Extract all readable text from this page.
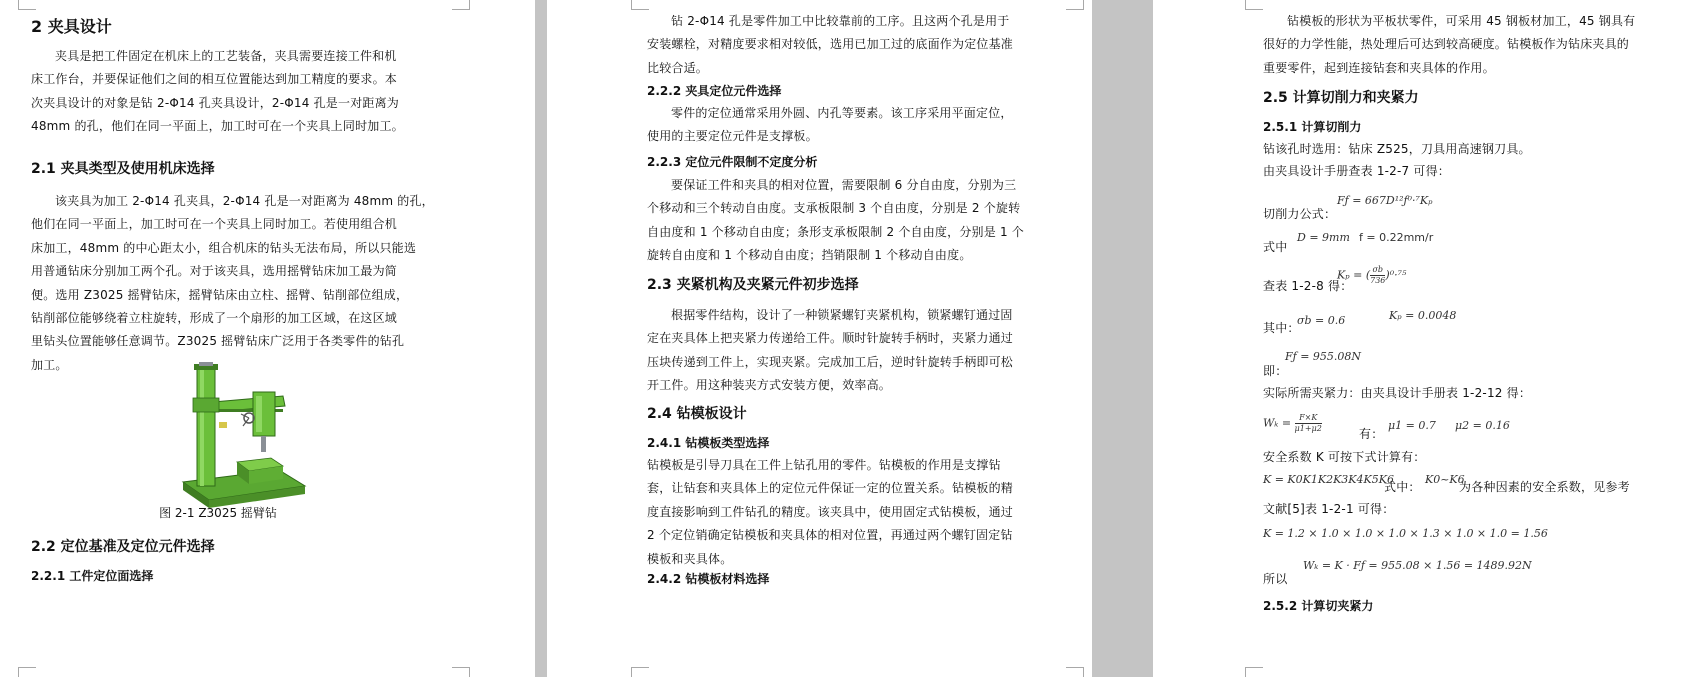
2 夹具设计
夹具是把工件固定在机床上的工艺装备，夹具需要连接工件和机
床工作台，并要保证他们之间的相互位置能达到加工精度的要求。本
次夹具设计的对象是钻 2-Φ14 孔夹具设计，2-Φ14 孔是一对距离为
48mm 的孔，他们在同一平面上，加工时可在一个夹具上同时加工。
2.1 夹具类型及使用机床选择
该夹具为加工 2-Φ14 孔夹具，2-Φ14 孔是一对距离为 48mm 的孔，
他们在同一平面上，加工时可在一个夹具上同时加工。若使用组合机
床加工，48mm 的中心距太小，组合机床的钻头无法布局，所以只能选
用普通钻床分别加工两个孔。对于该夹具，选用摇臂钻床加工最为简
便。选用 Z3025 摇臂钻床，摇臂钻床由立柱、摇臂、钻削部位组成，
钻削部位能够绕着立柱旋转，形成了一个扇形的加工区域，在这区域
里钻头位置能够任意调节。Z3025 摇臂钻床广泛用于各类零件的钻孔
加工。
图 2-1 Z3025 摇臂钻
2.2 定位基准及定位元件选择
2.2.1 工件定位面选择
钻 2-Φ14 孔是零件加工中比较靠前的工序。且这两个孔是用于
安装螺栓，对精度要求相对较低，选用已加工过的底面作为定位基准
比较合适。
2.2.2 夹具定位元件选择
零件的定位通常采用外圆、内孔等要素。该工序采用平面定位，
使用的主要定位元件是支撑板。
2.2.3 定位元件限制不定度分析
要保证工件和夹具的相对位置，需要限制 6 分自由度，分别为三
个移动和三个转动自由度。支承板限制 3 个自由度，分别是 2 个旋转
自由度和 1 个移动自由度；条形支承板限制 2 个自由度，分别是 1 个
旋转自由度和 1 个移动自由度；挡销限制 1 个移动自由度。
2.3 夹紧机构及夹紧元件初步选择
根据零件结构，设计了一种锁紧螺钉夹紧机构，锁紧螺钉通过固
定在夹具体上把夹紧力传递给工件。顺时针旋转手柄时，夹紧力通过
压块传递到工件上，实现夹紧。完成加工后，逆时针旋转手柄即可松
开工件。用这种装夹方式安装方便，效率高。
2.4 钻模板设计
2.4.1 钻模板类型选择
钻模板是引导刀具在工件上钻孔用的零件。钻模板的作用是支撑钻
套，让钻套和夹具体上的定位元件保证一定的位置关系。钻模板的精
度直接影响到工件钻孔的精度。该夹具中，使用固定式钻模板，通过
2 个定位销确定钻模板和夹具体的相对位置，再通过两个螺钉固定钻
模板和夹具体。
2.4.2 钻模板材料选择
钻模板的形状为平板状零件，可采用 45 钢板材加工，45 钢具有
很好的力学性能，热处理后可达到较高硬度。钻模板作为钻床夹具的
重要零件，起到连接钻套和夹具体的作用。
2.5 计算切削力和夹紧力
2.5.1 计算切削力
钻该孔时选用：钻床 Z525，刀具用高速钢刀具。
由夹具设计手册查表 1-2-7 可得：
切削力公式：
Fƒ = 667D¹²ƒ⁰·⁷Kₚ
式中
D = 9mm f = 0.22mm/r
查表 1-2-8 得：
Kₚ = ( $\frac{\sigma b}{736} )^0\cdot^{75}$
其中：
σb = 0.6	Kₚ = 0.0048
即：
Fƒ = 955.08N
实际所需夹紧力：由夹具设计手册表 1-2-12 得：
$W_k = \frac{F\times K}{\mu 1+\mu 2}$	有：
μ1 = 0.7 μ2 = 0.16
安全系数 K 可按下式计算有：
K = K0K1K2K3K4K5K6
式中：
K0~K6
为各种因素的安全系数，见参考
文献[5]表 1-2-1 可得：
K = 1.2 × 1.0 × 1.0 × 1.0 × 1.3 × 1.0 × 1.0 = 1.56
所以
Wₖ = K · Fƒ = 955.08 × 1.56 = 1489.92N
2.5.2 计算切夹紧力
